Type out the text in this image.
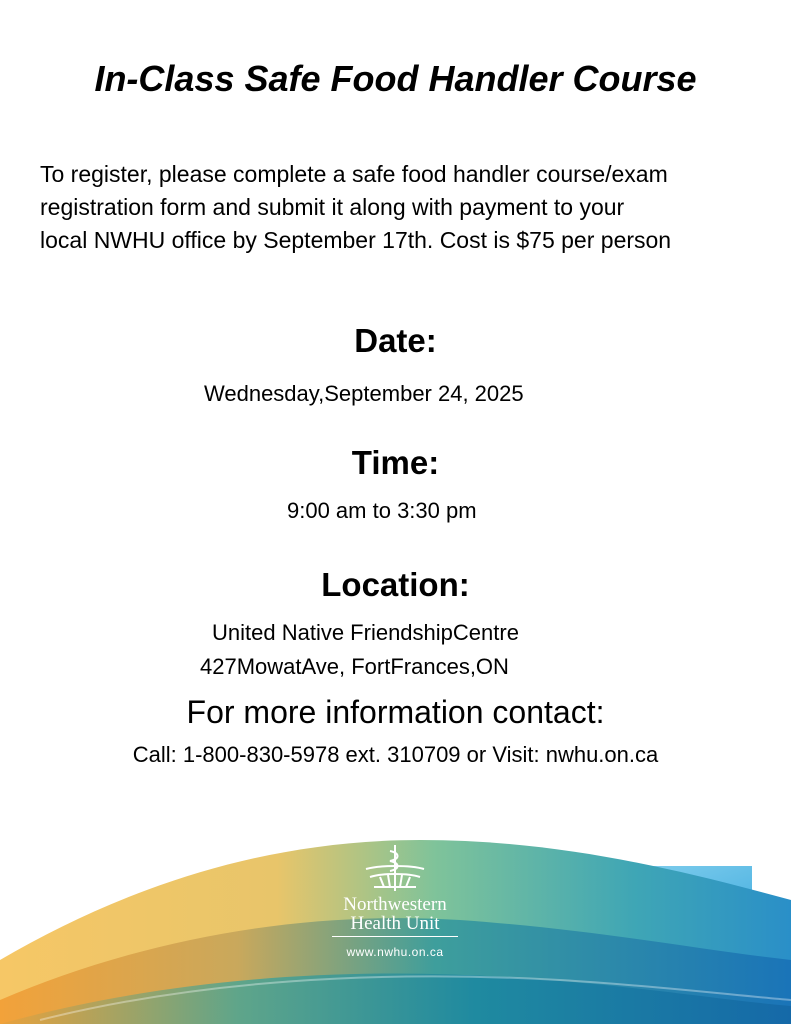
In-Class Safe Food Handler Course
To register, please complete a safe food handler course/exam
registration form and submit it along with payment to your
local NWHU office by September 17th. Cost is $75 per person
Date:

Wednesday,September 24, 2025

Time:

9:00 am to 3:30 pm

Location:

United Native FriendshipCentre

427MowatAve, FortFrances,ON

For more information contact:

Call: 1-800-830-5978 ext. 310709 or Visit: nwhu.on.ca

Northwestern
Health Unit
www.nwhu.on.ca
